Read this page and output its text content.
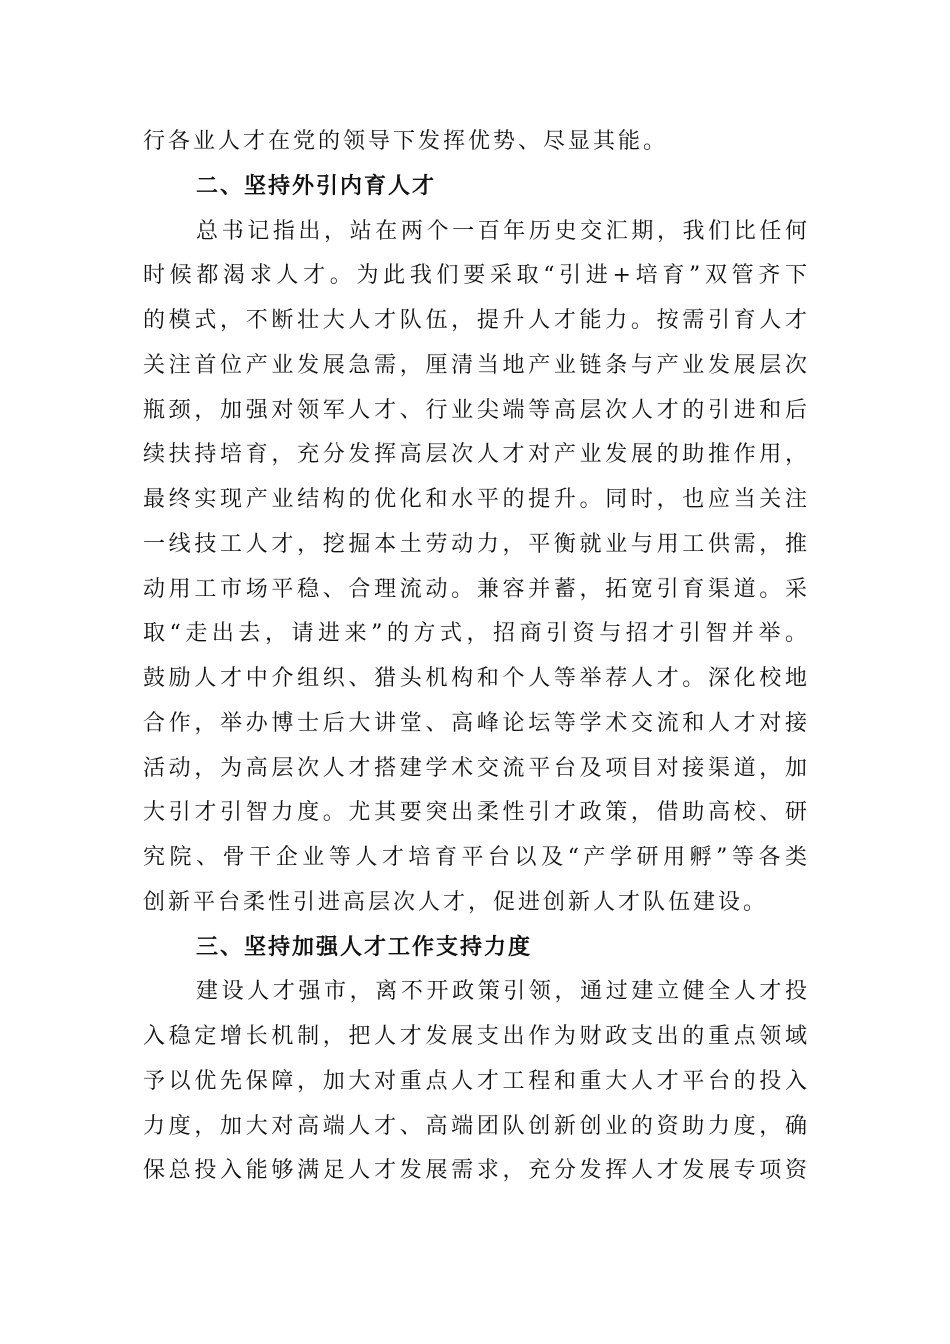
行各业人才在党的领导下发挥优势、尽显其能。
二、坚持外引内育人才
总书记指出，站在两个一百年历史交汇期，我们比任何
时候都渴求人才。为此我们要采取“引进+培育”双管齐下
的模式，不断壮大人才队伍，提升人才能力。按需引育人才
关注首位产业发展急需，厘清当地产业链条与产业发展层次
瓶颈，加强对领军人才、行业尖端等高层次人才的引进和后
续扶持培育，充分发挥高层次人才对产业发展的助推作用，
最终实现产业结构的优化和水平的提升。同时，也应当关注
一线技工人才，挖掘本土劳动力，平衡就业与用工供需，推
动用工市场平稳、合理流动。兼容并蓄，拓宽引育渠道。采
取“走出去，请进来”的方式，招商引资与招才引智并举。
鼓励人才中介组织、猎头机构和个人等举荐人才。深化校地
合作，举办博士后大讲堂、高峰论坛等学术交流和人才对接
活动，为高层次人才搭建学术交流平台及项目对接渠道，加
大引才引智力度。尤其要突出柔性引才政策，借助高校、研
究院、骨干企业等人才培育平台以及“产学研用孵”等各类
创新平台柔性引进高层次人才，促进创新人才队伍建设。
三、坚持加强人才工作支持力度
建设人才强市，离不开政策引领，通过建立健全人才投
入稳定增长机制，把人才发展支出作为财政支出的重点领域
予以优先保障，加大对重点人才工程和重大人才平台的投入
力度，加大对高端人才、高端团队创新创业的资助力度，确
保总投入能够满足人才发展需求，充分发挥人才发展专项资
